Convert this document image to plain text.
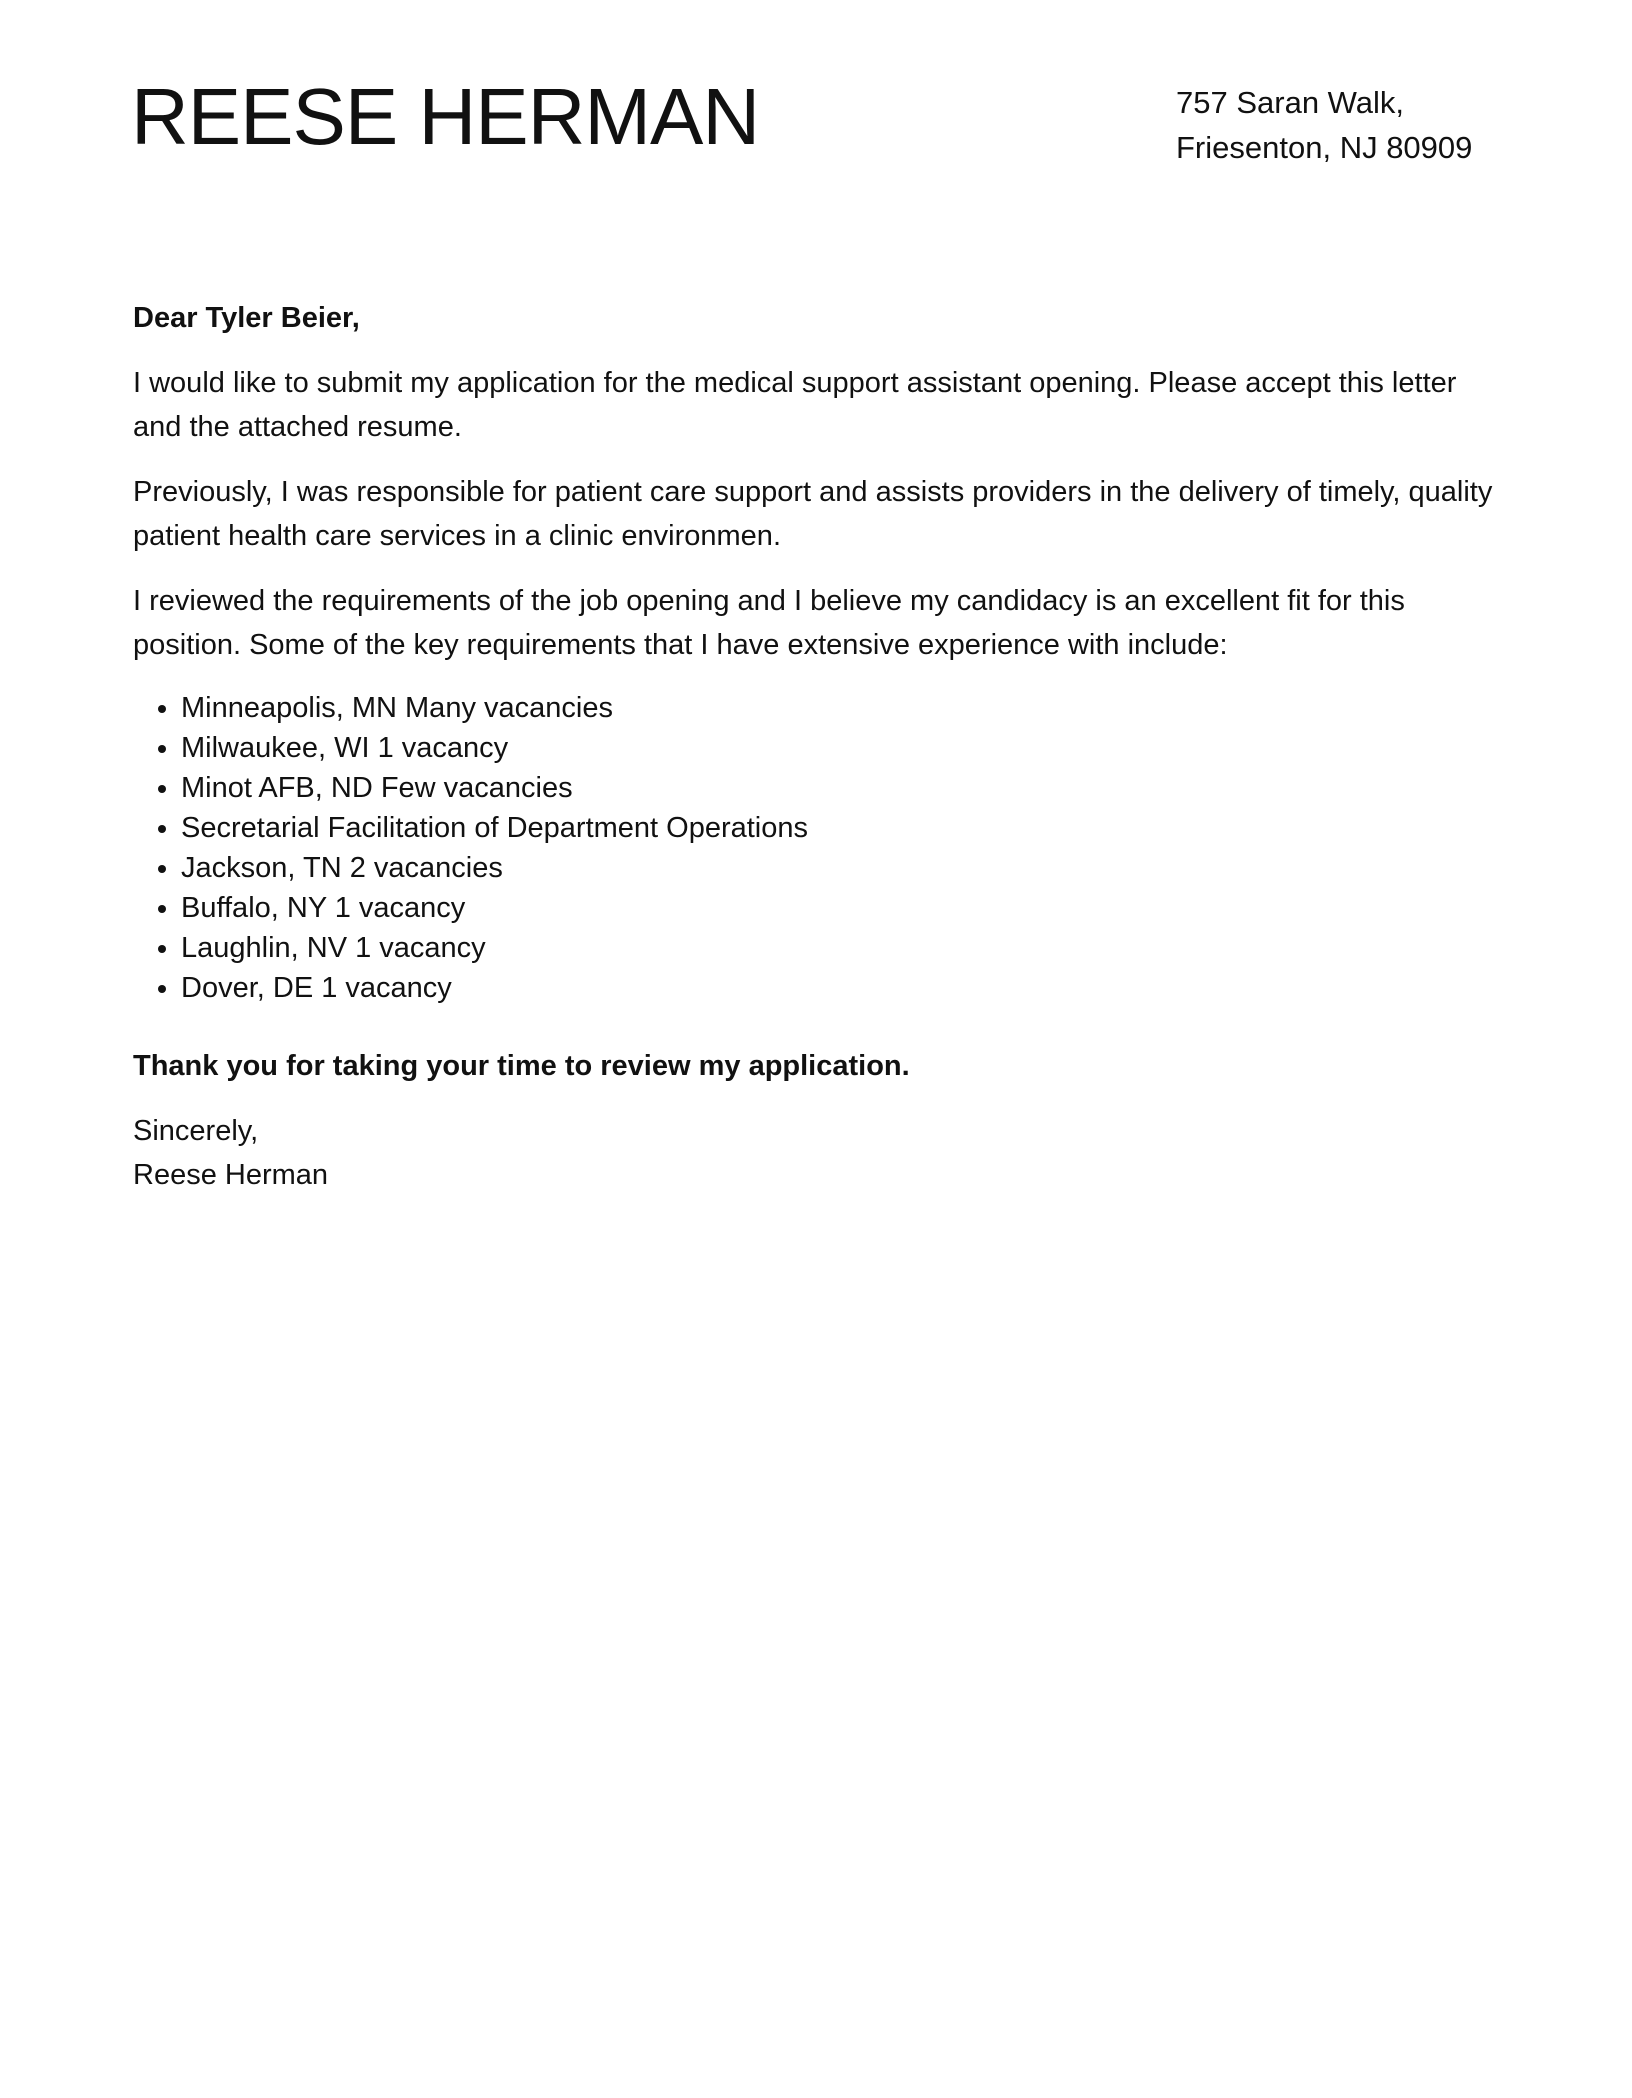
REESE HERMAN	757 Saran Walk,
Friesenton, NJ 80909

Dear Tyler Beier,

I would like to submit my application for the medical support assistant opening. Please accept this letter and the attached resume.

Previously, I was responsible for patient care support and assists providers in the delivery of timely, quality patient health care services in a clinic environmen.

I reviewed the requirements of the job opening and I believe my candidacy is an excellent fit for this position. Some of the key requirements that I have extensive experience with include:

• Minneapolis, MN Many vacancies
• Milwaukee, WI 1 vacancy
• Minot AFB, ND Few vacancies
• Secretarial Facilitation of Department Operations
• Jackson, TN 2 vacancies
• Buffalo, NY 1 vacancy
• Laughlin, NV 1 vacancy
• Dover, DE 1 vacancy

Thank you for taking your time to review my application.

Sincerely,
Reese Herman
